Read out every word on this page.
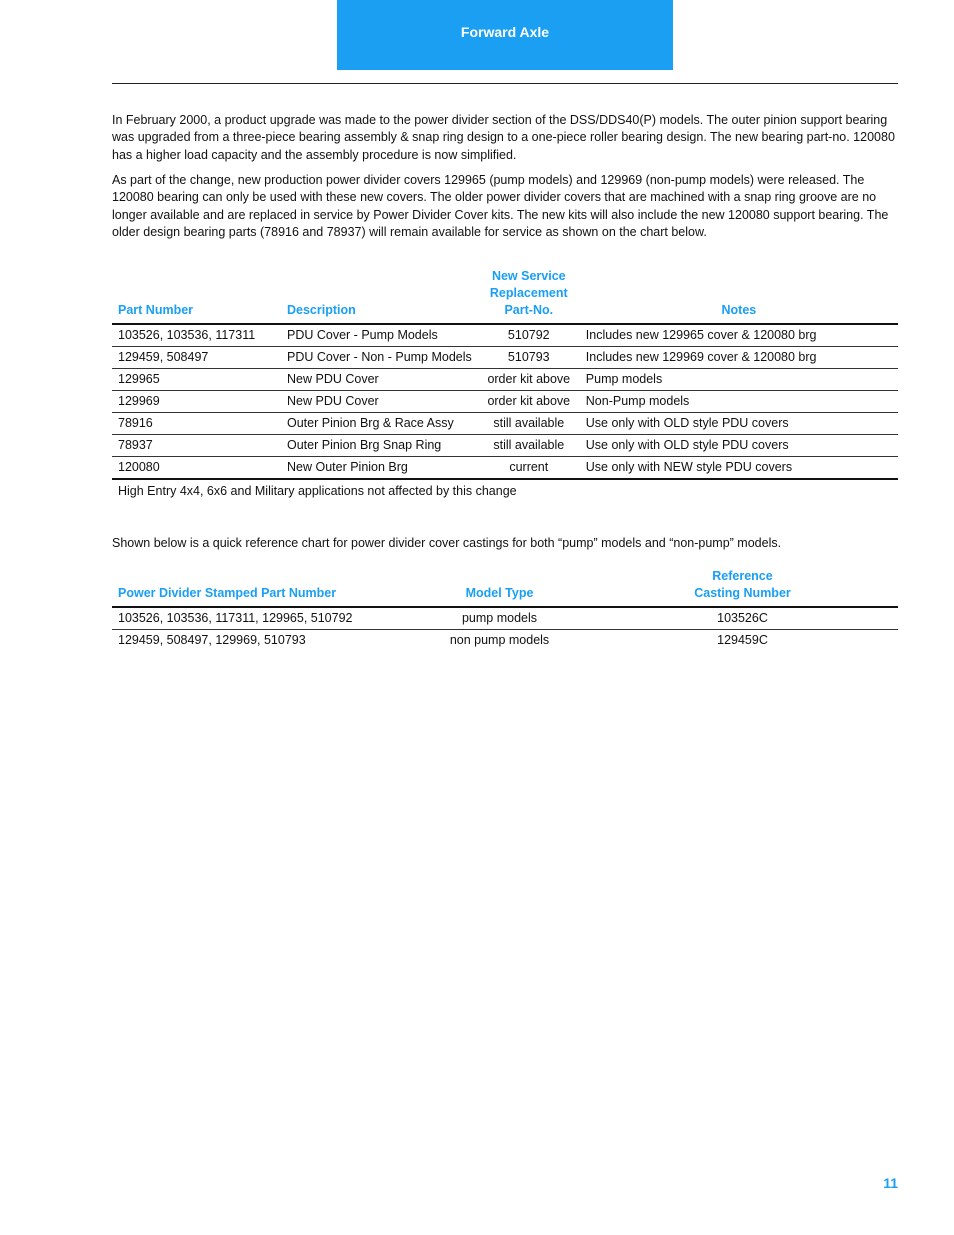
Forward Axle

In February 2000, a product upgrade was made to the power divider section of the DSS/DDS40(P) models. The outer pinion support bearing was upgraded from a three-piece bearing assembly & snap ring design to a one-piece roller bearing design. The new bearing part-no. 120080 has a higher load capacity and the assembly procedure is now simplified.

As part of the change, new production power divider covers 129965 (pump models) and 129969 (non-pump models) were released. The 120080 bearing can only be used with these new covers. The older power divider covers that are machined with a snap ring groove are no longer available and are replaced in service by Power Divider Cover kits. The new kits will also include the new 120080 support bearing. The older design bearing parts (78916 and 78937) will remain available for service as shown on the chart below.

Part Number	Description	New Service
Replacement
Part-No.	Notes
103526, 103536, 117311	PDU Cover - Pump Models	510792	Includes new 129965 cover & 120080 brg
129459, 508497	PDU Cover - Non - Pump Models	510793	Includes new 129969 cover & 120080 brg
129965	New PDU Cover	order kit above	Pump models
129969	New PDU Cover	order kit above	Non-Pump models
78916	Outer Pinion Brg & Race Assy	still available	Use only with OLD style PDU covers
78937	Outer Pinion Brg Snap Ring	still available	Use only with OLD style PDU covers
120080	New Outer Pinion Brg	current	Use only with NEW style PDU covers
High Entry 4x4, 6x6 and Military applications not affected by this change

Shown below is a quick reference chart for power divider cover castings for both “pump” models and “non-pump” models.

Power Divider Stamped Part Number	Model Type	Reference
Casting Number

103526, 103536, 117311, 129965, 510792	pump models	103526C
129459, 508497, 129969, 510793	non pump models	129459C
11
